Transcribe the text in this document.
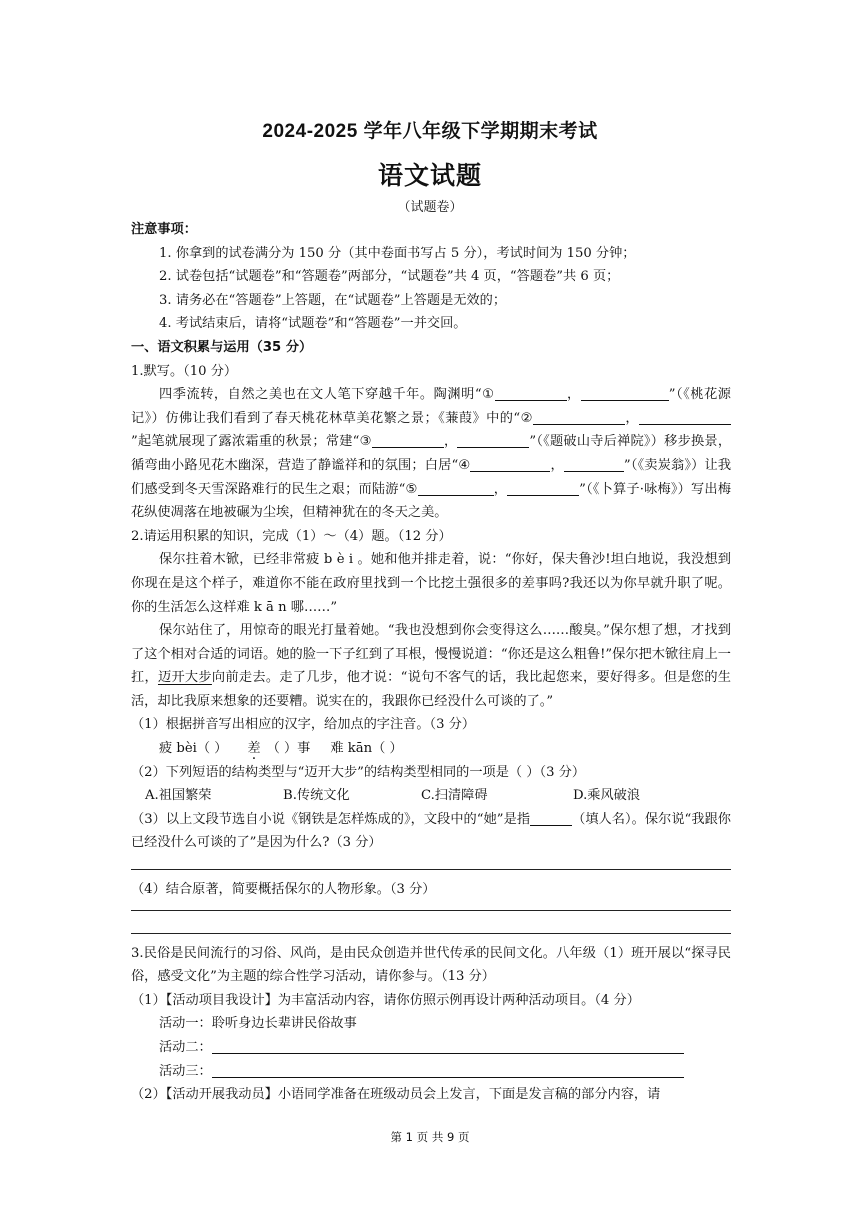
2024-2025 学年八年级下学期期末考试
语文试题
（试题卷）

注意事项：

1. 你拿到的试卷满分为 150 分（其中卷面书写占 5 分），考试时间为 150 分钟；

2. 试卷包括“试题卷”和“答题卷”两部分，“试题卷”共 4 页，“答题卷”共 6 页；

3. 请务必在“答题卷”上答题，在“试题卷”上答题是无效的；

4. 考试结束后，请将“试题卷”和“答题卷”一并交回。

一、语文积累与运用（35 分）

1.默写。（10 分）

四季流转，自然之美也在文人笔下穿越千年。陶渊明“①	，	”（《桃花源记》）仿佛让我们看到了春天桃花林草美花繁之景；《蒹葭》中的“②	，”起笔就展现了露浓霜重的秋景；常建“③	，	”（《题破山寺后禅院》）移步换景，循弯曲小路见花木幽深，营造了静谧祥和的氛围；白居“④	，	”（《卖炭翁》）让我们感受到冬天雪深路难行的民生之艰；而陆游“⑤	，	”（《卜算子·咏梅》）写出梅花纵使凋落在地被碾为尘埃，但精神犹在的冬天之美。

2.请运用积累的知识，完成（1）～（4）题。（12 分）

保尔拄着木锨，已经非常疲 b è i 。她和他并排走着，说：“你好，保夫鲁沙!坦白地说，我没想到你现在是这个样子，难道你不能在政府里找到一个比挖土强很多的差事吗?我还以为你早就升职了呢。你的生活怎么这样难 k ā n 哪……”

保尔站住了，用惊奇的眼光打量着她。“我也没想到你会变得这么……酸臭。”保尔想了想，才找到了这个相对合适的词语。她的脸一下子红到了耳根，慢慢说道：“你还是这么粗鲁!”保尔把木锨往肩上一扛，迈开大步向前走去。走了几步，他才说：“说句不客气的话，我比起您来，要好得多。但是您的生活，却比我原来想象的还要糟。说实在的，我跟你已经没什么可谈的了。”

（1）根据拼音写出相应的汉字，给加点的字注音。（3 分）

疲 bèi（ ） 差 （ ）事 难 kān（ ）

（2）下列短语的结构类型与“迈开大步”的结构类型相同的一项是（ ）（3 分）

A.祖国繁荣	B.传统文化	C.扫清障碍	D.乘风破浪

（3）以上文段节选自小说《钢铁是怎样炼成的》，文段中的“她”是指	（填人名）。保尔说“我跟你已经没什么可谈的了”是因为什么?（3 分）

（4）结合原著，简要概括保尔的人物形象。（3 分）

3.民俗是民间流行的习俗、风尚，是由民众创造并世代传承的民间文化。八年级（1）班开展以“探寻民俗，感受文化”为主题的综合性学习活动，请你参与。（13 分）

（1）【活动项目我设计】为丰富活动内容，请你仿照示例再设计两种活动项目。（4 分）

活动一：聆听身边长辈讲民俗故事

活动二：

活动三：

（2）【活动开展我动员】小语同学准备在班级动员会上发言，下面是发言稿的部分内容，请

第 1 页 共 9 页
